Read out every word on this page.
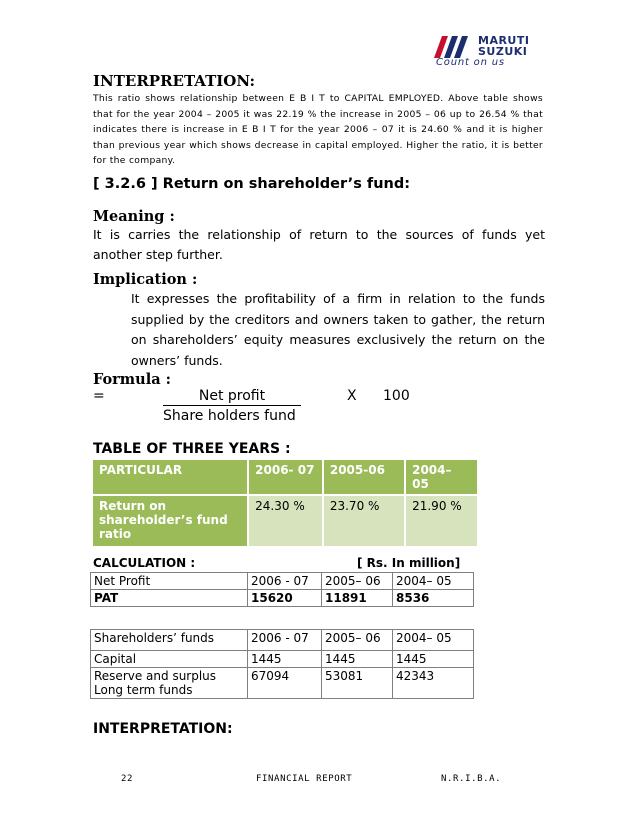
MARUTI
SUZUKI
Count on us
INTERPRETATION:
This ratio shows relationship between E B I T to CAPITAL EMPLOYED. Above table shows that for the year 2004 – 2005 it was 22.19 % the increase in 2005 – 06 up to 26.54 % that indicates there is increase in E B I T for the year 2006 – 07 it is 24.60 % and it is higher than previous year which shows decrease in capital employed. Higher the ratio, it is better for the company.
[ 3.2.6 ] Return on shareholder’s fund:
Meaning :
It is carries the relationship of return to the sources of funds yet another step further.
Implication :
It expresses the profitability of a firm in relation to the funds supplied by the creditors and owners taken to gather, the return on shareholders’ equity measures exclusively the return on the owners’ funds.
Formula :
=	Net profit	X 100
Share holders fund
TABLE OF THREE YEARS :
PARTICULAR	2006- 07	2005-06	2004– 05
Return on shareholder’s fund ratio	24.30 %	23.70 %	21.90 %
CALCULATION :	[ Rs. In million]
Net Profit	2006 - 07	2005– 06	2004– 05
PAT	15620	11891	8536
Shareholders’ funds	2006 - 07	2005– 06	2004– 05
Capital	1445	1445	1445

Reserve and surplus
Long term funds	67094	53081	42343
INTERPRETATION:
22	FINANCIAL REPORT	N.R.I.B.A.
